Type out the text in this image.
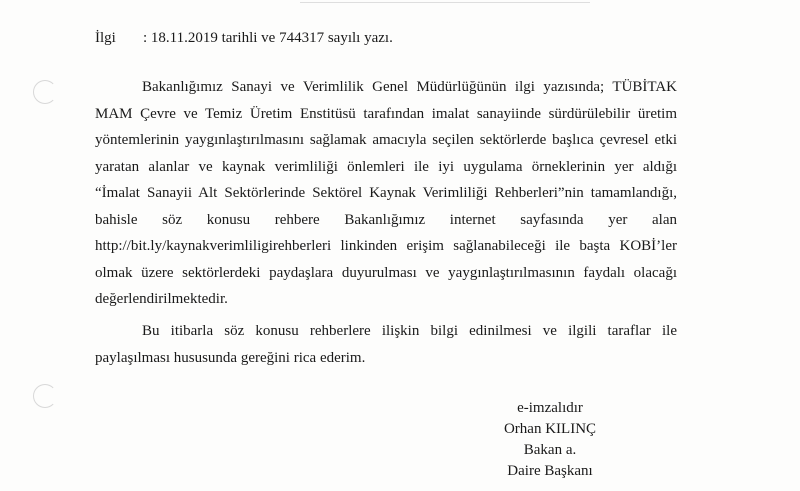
İlgi : 18.11.2019 tarihli ve 744317 sayılı yazı.
Bakanlığımız Sanayi ve Verimlilik Genel Müdürlüğünün ilgi yazısında; TÜBİTAK
MAM Çevre ve Temiz Üretim Enstitüsü tarafından imalat sanayiinde sürdürülebilir üretim
yöntemlerinin yaygınlaştırılmasını sağlamak amacıyla seçilen sektörlerde başlıca çevresel etki
yaratan alanlar ve kaynak verimliliği önlemleri ile iyi uygulama örneklerinin yer aldığı
“İmalat Sanayii Alt Sektörlerinde Sektörel Kaynak Verimliliği Rehberleri”nin tamamlandığı,
bahisle söz konusu rehbere Bakanlığımız internet sayfasında yer alan
http://bit.ly/kaynakverimliligirehberleri linkinden erişim sağlanabileceği ile başta KOBİ’ler
olmak üzere sektörlerdeki paydaşlara duyurulması ve yaygınlaştırılmasının faydalı olacağı
değerlendirilmektedir.
Bu itibarla söz konusu rehberlere ilişkin bilgi edinilmesi ve ilgili taraflar ile
paylaşılması hususunda gereğini rica ederim.
e-imzalıdır
Orhan KILINÇ
Bakan a.
Daire Başkanı
